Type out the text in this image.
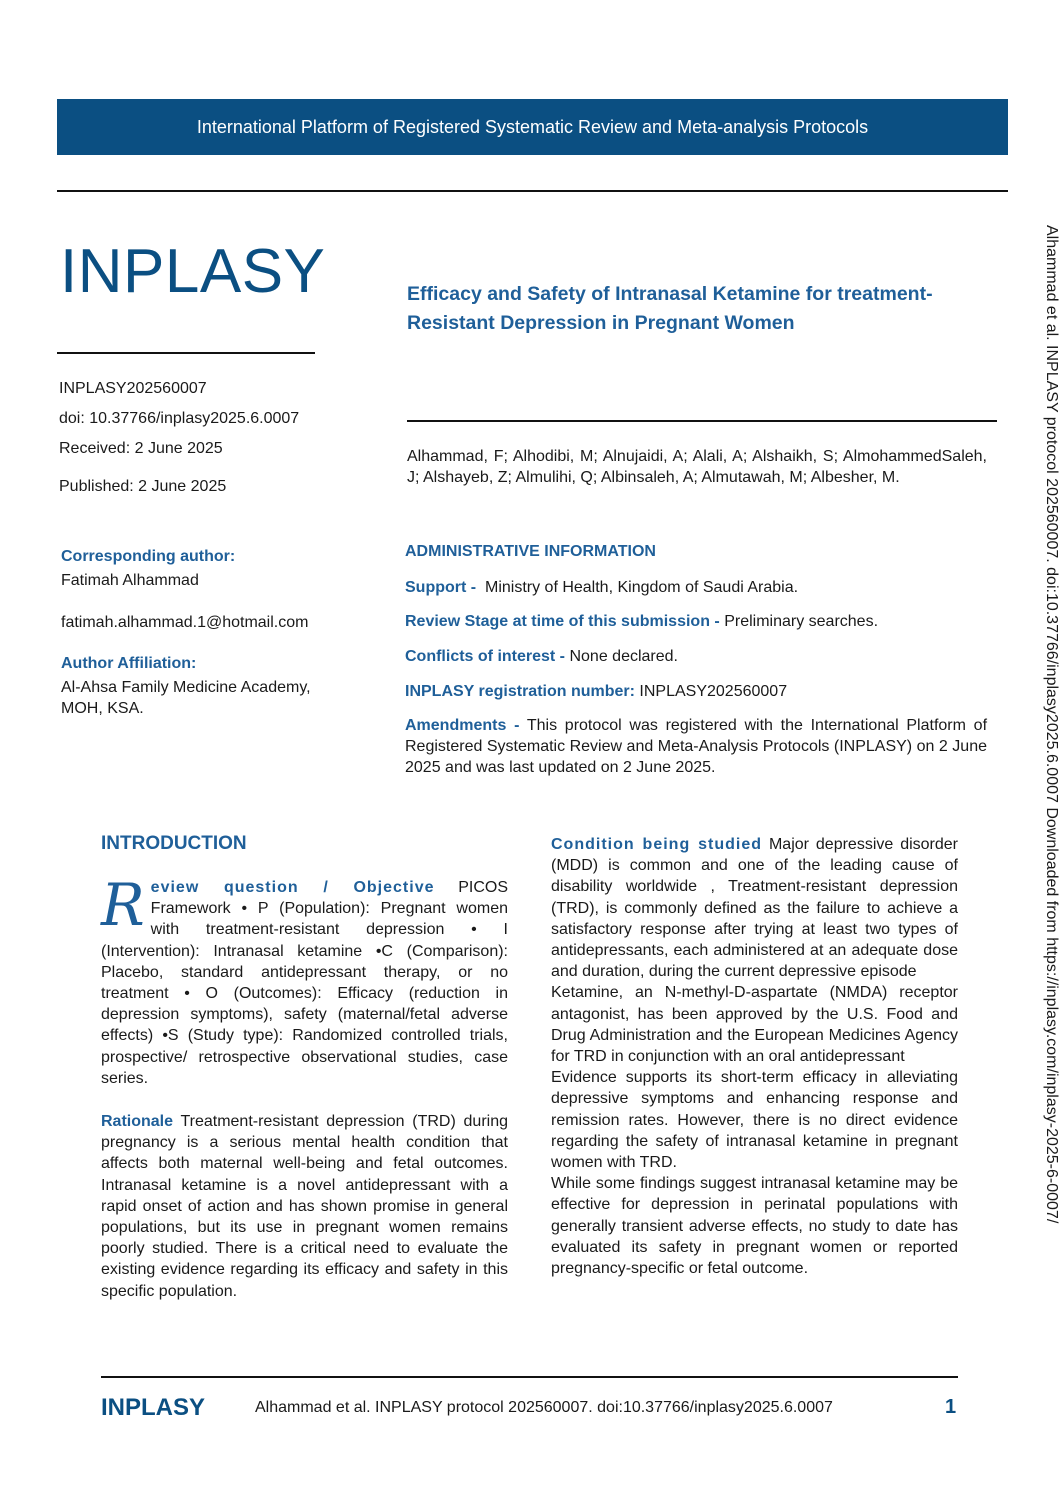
International Platform of Registered Systematic Review and Meta-analysis Protocols
INPLASY	Efficacy and Safety of Intranasal Ketamine for treatment-Resistant Depression in Pregnant Women
INPLASY202560007
doi: 10.37766/inplasy2025.6.0007
Received: 2 June 2025
Published: 2 June 2025
Alhammad, F; Alhodibi, M; Alnujaidi, A; Alali, A; Alshaikh, S; AlmohammedSaleh, J; Alshayeb, Z; Almulihi, Q; Albinsaleh, A; Almutawah, M; Albesher, M.
Corresponding author:
Fatimah Alhammad
fatimah.alhammad.1@hotmail.com
Author Affiliation:
Al-Ahsa Family Medicine Academy, MOH, KSA.
ADMINISTRATIVE INFORMATION
Support - Ministry of Health, Kingdom of Saudi Arabia.
Review Stage at time of this submission - Preliminary searches.
Conflicts of interest - None declared.
INPLASY registration number: INPLASY202560007
Amendments - This protocol was registered with the International Platform of Registered Systematic Review and Meta-Analysis Protocols (INPLASY) on 2 June 2025 and was last updated on 2 June 2025.
INTRODUCTION

R eview question / Objective PICOS Framework • P (Population): Pregnant women with treatment-resistant depression • I (Intervention): Intranasal ketamine •C (Comparison): Placebo, standard antidepressant therapy, or no treatment • O (Outcomes): Efficacy (reduction in depression symptoms), safety (maternal/fetal adverse effects) •S (Study type): Randomized controlled trials, prospective/ retrospective observational studies, case series.

Rationale Treatment-resistant depression (TRD) during pregnancy is a serious mental health condition that affects both maternal well-being and fetal outcomes. Intranasal ketamine is a novel antidepressant with a rapid onset of action and has shown promise in general populations, but its use in pregnant women remains poorly studied. There is a critical need to evaluate the existing evidence regarding its efficacy and safety in this specific population.

Condition being studied Major depressive disorder (MDD) is common and one of the leading cause of disability worldwide , Treatment-resistant depression (TRD), is commonly defined as the failure to achieve a satisfactory response after trying at least two types of antidepressants, each administered at an adequate dose and duration, during the current depressive episode

Ketamine, an N-methyl-D-aspartate (NMDA) receptor antagonist, has been approved by the U.S. Food and Drug Administration and the European Medicines Agency for TRD in conjunction with an oral antidepressant

Evidence supports its short-term efficacy in alleviating depressive symptoms and enhancing response and remission rates. However, there is no direct evidence regarding the safety of intranasal ketamine in pregnant women with TRD.

While some findings suggest intranasal ketamine may be effective for depression in perinatal populations with generally transient adverse effects, no study to date has evaluated its safety in pregnant women or reported pregnancy-specific or fetal outcome.

Alhammad et al. INPLASY protocol 202560007. doi:10.37766/inplasy2025.6.0007 Downloaded from https://inplasy.com/inplasy-2025-6-0007/
INPLASY	Alhammad et al. INPLASY protocol 202560007. doi:10.37766/inplasy2025.6.0007	1
